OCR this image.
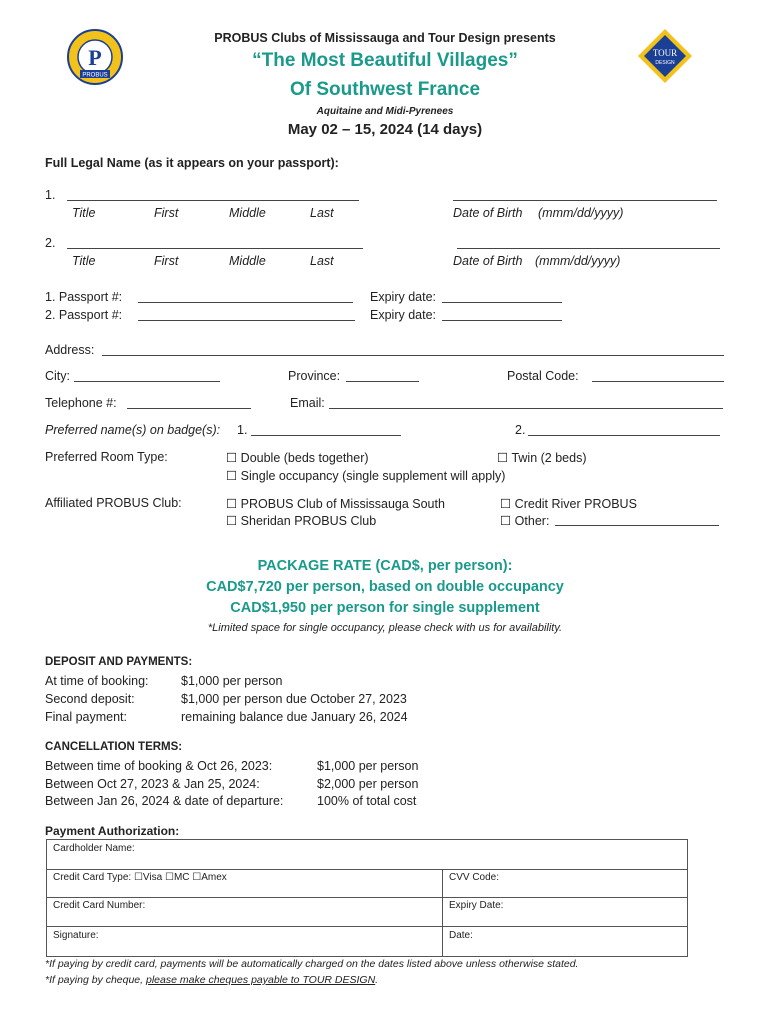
P
PROBUS
TOUR
DESIGN
PROBUS Clubs of Mississauga and Tour Design presents
“The Most Beautiful Villages”
Of Southwest France
Aquitaine and Midi-Pyrenees
May 02 – 15, 2024 (14 days)
Full Legal Name (as it appears on your passport):
1.
Title	First	Middle	Last	Date of Birth (mmm/dd/yyyy)
2.
Title	First	Middle	Last	Date of Birth (mmm/dd/yyyy)
1. Passport #:	Expiry date:
2. Passport #:	Expiry date:
Address:
City:	Province:	Postal Code:
Telephone #:	Email:
Preferred name(s) on badge(s): 1.	2.
Preferred Room Type:	☐ Double (beds together)	☐ Twin (2 beds)
☐ Single occupancy (single supplement will apply)
Affiliated PROBUS Club:	☐ PROBUS Club of Mississauga South	☐ Credit River PROBUS
☐ Sheridan PROBUS Club	☐ Other:
PACKAGE RATE (CAD$, per person):
CAD$7,720 per person, based on double occupancy
CAD$1,950 per person for single supplement
*Limited space for single occupancy, please check with us for availability.
DEPOSIT AND PAYMENTS:
At time of booking:	$1,000 per person
Second deposit:	$1,000 per person due October 27, 2023
Final payment:	remaining balance due January 26, 2024
CANCELLATION TERMS:
Between time of booking & Oct 26, 2023:	$1,000 per person
Between Oct 27, 2023 & Jan 25, 2024:	$2,000 per person
Between Jan 26, 2024 & date of departure:	100% of total cost
Payment Authorization:
Cardholder Name:
Credit Card Type: ☐Visa ☐MC ☐Amex	CVV Code:
Credit Card Number:	Expiry Date:
Signature:	Date:
*If paying by credit card, payments will be automatically charged on the dates listed above unless otherwise stated.
*If paying by cheque, please make cheques payable to TOUR DESIGN.
